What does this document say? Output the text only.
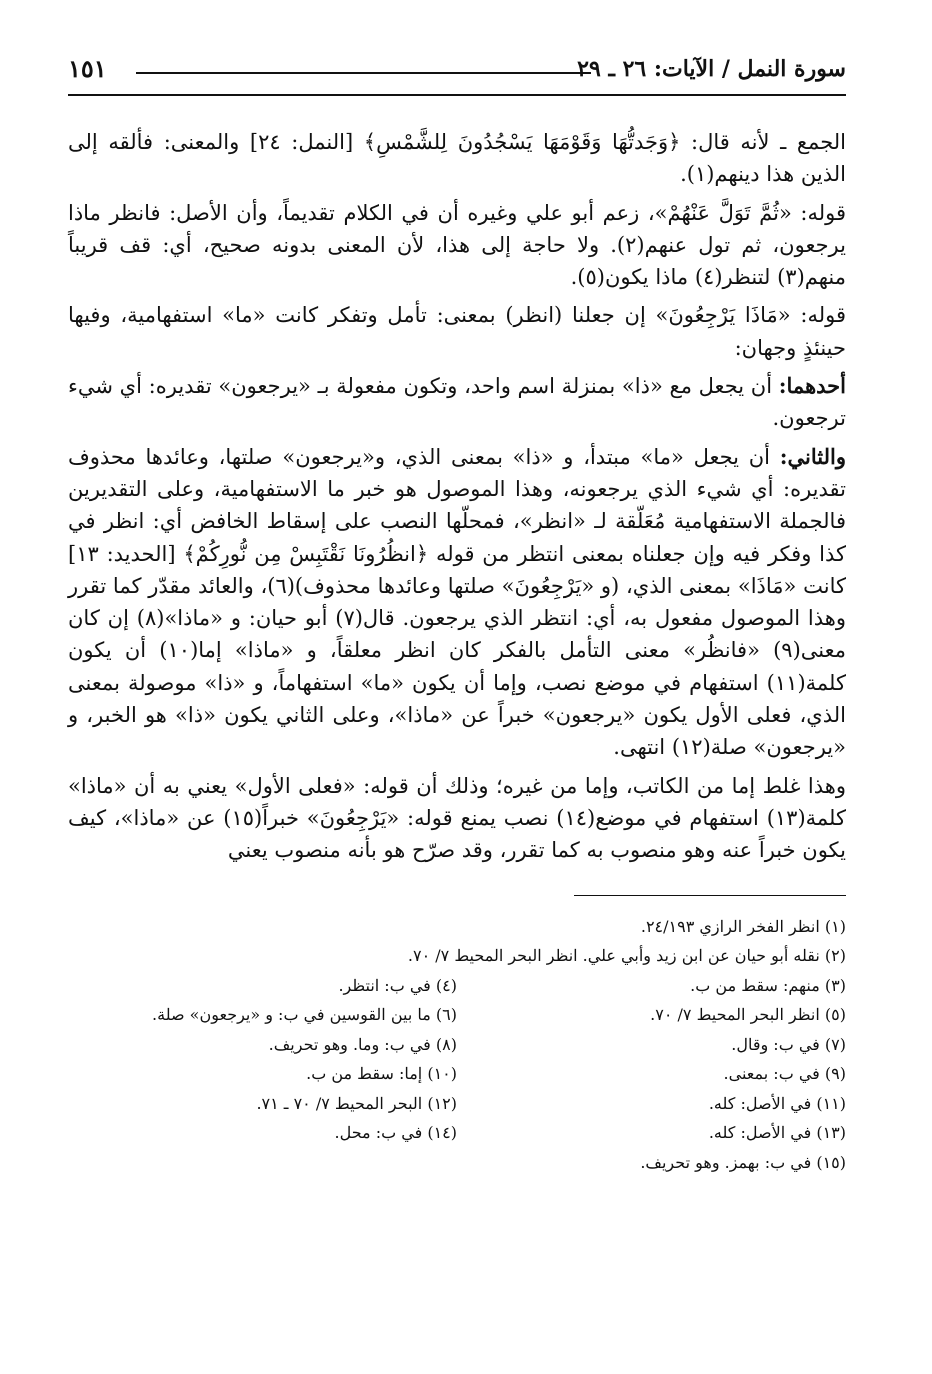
سورة النمل / الآيات: ٢٦ ـ ٢٩
١٥١

الجمع ـ لأنه قال: ﴿وَجَدتُّهَا وَقَوْمَهَا يَسْجُدُونَ لِلشَّمْسِ﴾ [النمل: ٢٤] والمعنى: فألقه إلى الذين هذا دينهم(١).

قوله: «ثُمَّ تَوَلَّ عَنْهُمْ»، زعم أبو علي وغيره أن في الكلام تقديماً، وأن الأصل: فانظر ماذا يرجعون، ثم تول عنهم(٢). ولا حاجة إلى هذا، لأن المعنى بدونه صحيح، أي: قف قريباً منهم(٣) لتنظر(٤) ماذا يكون(٥).

قوله: «مَاذَا يَرْجِعُونَ» إن جعلنا (انظر) بمعنى: تأمل وتفكر كانت «ما» استفهامية، وفيها حينئذٍ وجهان:

أحدهما: أن يجعل مع «ذا» بمنزلة اسم واحد، وتكون مفعولة بـ «يرجعون» تقديره: أي شيء ترجعون.

والثاني: أن يجعل «ما» مبتدأ، و «ذا» بمعنى الذي، و«يرجعون» صلتها، وعائدها محذوف تقديره: أي شيء الذي يرجعونه، وهذا الموصول هو خبر ما الاستفهامية، وعلى التقديرين فالجملة الاستفهامية مُعَلّقة لـ «انظر»، فمحلّها النصب على إسقاط الخافض أي: انظر في كذا وفكر فيه وإن جعلناه بمعنى انتظر من قوله ﴿انظُرُونَا نَقْتَبِسْ مِن نُّورِكُمْ﴾ [الحديد: ١٣] كانت «مَاذَا» بمعنى الذي، (و «يَرْجِعُونَ» صلتها وعائدها محذوف)(٦)، والعائد مقدّر كما تقرر وهذا الموصول مفعول به، أي: انتظر الذي يرجعون. قال(٧) أبو حيان: و «ماذا»(٨) إن كان معنى(٩) «فانظُر» معنى التأمل بالفكر كان انظر معلقاً، و «ماذا» إما(١٠) أن يكون كلمة(١١) استفهام في موضع نصب، وإما أن يكون «ما» استفهاماً، و «ذا» موصولة بمعنى الذي، فعلى الأول يكون «يرجعون» خبراً عن «ماذا»، وعلى الثاني يكون «ذا» هو الخبر، و «يرجعون» صلة(١٢) انتهى.

وهذا غلط إما من الكاتب، وإما من غيره؛ وذلك أن قوله: «فعلى الأول» يعني به أن «ماذا» كلمة(١٣) استفهام في موضع(١٤) نصب يمنع قوله: «يَرْجِعُونَ» خبراً(١٥) عن «ماذا»، كيف يكون خبراً عنه وهو منصوب به كما تقرر، وقد صرّح هو بأنه منصوب يعني

(١) انظر الفخر الرازي ٢٤/١٩٣.
(٢) نقله أبو حيان عن ابن زيد وأبي علي. انظر البحر المحيط ٧/ ٧٠.
(٣) منهم: سقط من ب.
(٤) في ب: انتظر.
(٥) انظر البحر المحيط ٧/ ٧٠.
(٦) ما بين القوسين في ب: و «يرجعون» صلة.
(٧) في ب: وقال.
(٨) في ب: وما. وهو تحريف.
(٩) في ب: بمعنى.
(١٠) إما: سقط من ب.
(١١) في الأصل: كله.
(١٢) البحر المحيط ٧/ ٧٠ ـ ٧١.
(١٣) في الأصل: كله.
(١٤) في ب: محل.
(١٥) في ب: بهمز. وهو تحريف.
